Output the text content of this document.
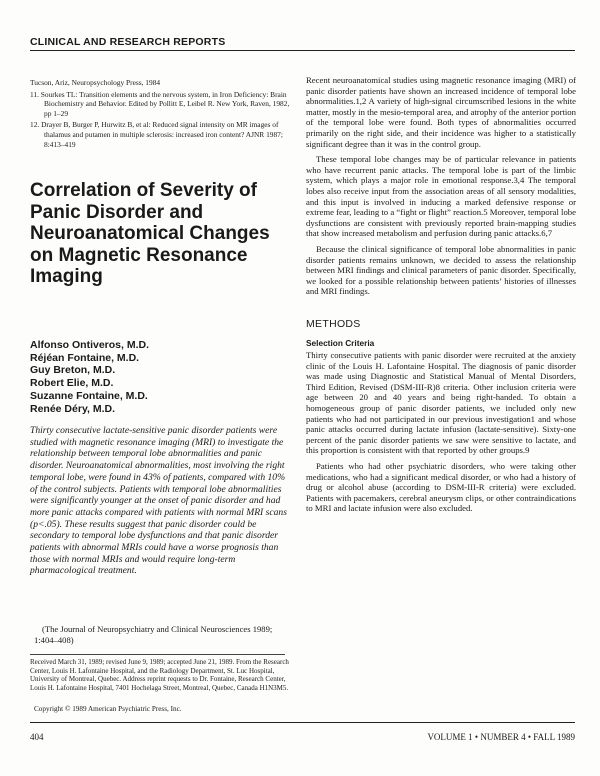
CLINICAL AND RESEARCH REPORTS
Tucson, Ariz, Neuropsychology Press, 1984
11. Sourkes TL: Transition elements and the nervous system, in Iron Deficiency: Brain Biochemistry and Behavior. Edited by Pollitt E, Leibel R. New York, Raven, 1982, pp 1–29
12. Drayer B, Burger P, Hurwitz B, et al: Reduced signal intensity on MR images of thalamus and putamen in multiple sclerosis: increased iron content? AJNR 1987; 8:413–419
Correlation of Severity of Panic Disorder and Neuroanatomical Changes on Magnetic Resonance Imaging
Alfonso Ontiveros, M.D.
Réjéan Fontaine, M.D.
Guy Breton, M.D.
Robert Elie, M.D.
Suzanne Fontaine, M.D.
Renée Déry, M.D.
Thirty consecutive lactate-sensitive panic disorder patients were studied with magnetic resonance imaging (MRI) to investigate the relationship between temporal lobe abnormalities and panic disorder. Neuroanatomical abnormalities, most involving the right temporal lobe, were found in 43% of patients, compared with 10% of the control subjects. Patients with temporal lobe abnormalities were significantly younger at the onset of panic disorder and had more panic attacks compared with patients with normal MRI scans (p<.05). These results suggest that panic disorder could be secondary to temporal lobe dysfunctions and that panic disorder patients with abnormal MRIs could have a worse prognosis than those with normal MRIs and would require long-term pharmacological treatment.
(The Journal of Neuropsychiatry and Clinical Neurosciences 1989; 1:404–408)
Received March 31, 1989; revised June 9, 1989; accepted June 21, 1989. From the Research Center, Louis H. Lafontaine Hospital, and the Radiology Department, St. Luc Hospital, University of Montreal, Quebec. Address reprint requests to Dr. Fontaine, Research Center, Louis H. Lafontaine Hospital, 7401 Hochelaga Street, Montreal, Quebec, Canada H1N3M5.
Copyright © 1989 American Psychiatric Press, Inc.

Recent neuroanatomical studies using magnetic resonance imaging (MRI) of panic disorder patients have shown an increased incidence of temporal lobe abnormalities.1,2 A variety of high-signal circumscribed lesions in the white matter, mostly in the mesio-temporal area, and atrophy of the anterior portion of the temporal lobe were found. Both types of abnormalities occurred primarily on the right side, and their incidence was higher to a statistically significant degree than it was in the control group.

These temporal lobe changes may be of particular relevance in patients who have recurrent panic attacks. The temporal lobe is part of the limbic system, which plays a major role in emotional response.3,4 The temporal lobes also receive input from the association areas of all sensory modalities, and this input is involved in inducing a marked defensive response or extreme fear, leading to a “fight or flight” reaction.5 Moreover, temporal lobe dysfunctions are consistent with previously reported brain-mapping studies that show increased metabolism and perfusion during panic attacks.6,7

Because the clinical significance of temporal lobe abnormalities in panic disorder patients remains unknown, we decided to assess the relationship between MRI findings and clinical parameters of panic disorder. Specifically, we looked for a possible relationship between patients’ histories of illnesses and MRI findings.

METHODS
Selection Criteria

Thirty consecutive patients with panic disorder were recruited at the anxiety clinic of the Louis H. Lafontaine Hospital. The diagnosis of panic disorder was made using Diagnostic and Statistical Manual of Mental Disorders, Third Edition, Revised (DSM-III-R)8 criteria. Other inclusion criteria were age between 20 and 40 years and being right-handed. To obtain a homogeneous group of panic disorder patients, we included only new patients who had not participated in our previous investigation1 and whose panic attacks occurred during lactate infusion (lactate-sensitive). Sixty-one percent of the panic disorder patients we saw were sensitive to lactate, and this proportion is consistent with that reported by other groups.9

Patients who had other psychiatric disorders, who were taking other medications, who had a significant medical disorder, or who had a history of drug or alcohol abuse (according to DSM-III-R criteria) were excluded. Patients with pacemakers, cerebral aneurysm clips, or other contraindications to MRI and lactate infusion were also excluded.

404	VOLUME 1 • NUMBER 4 • FALL 1989
